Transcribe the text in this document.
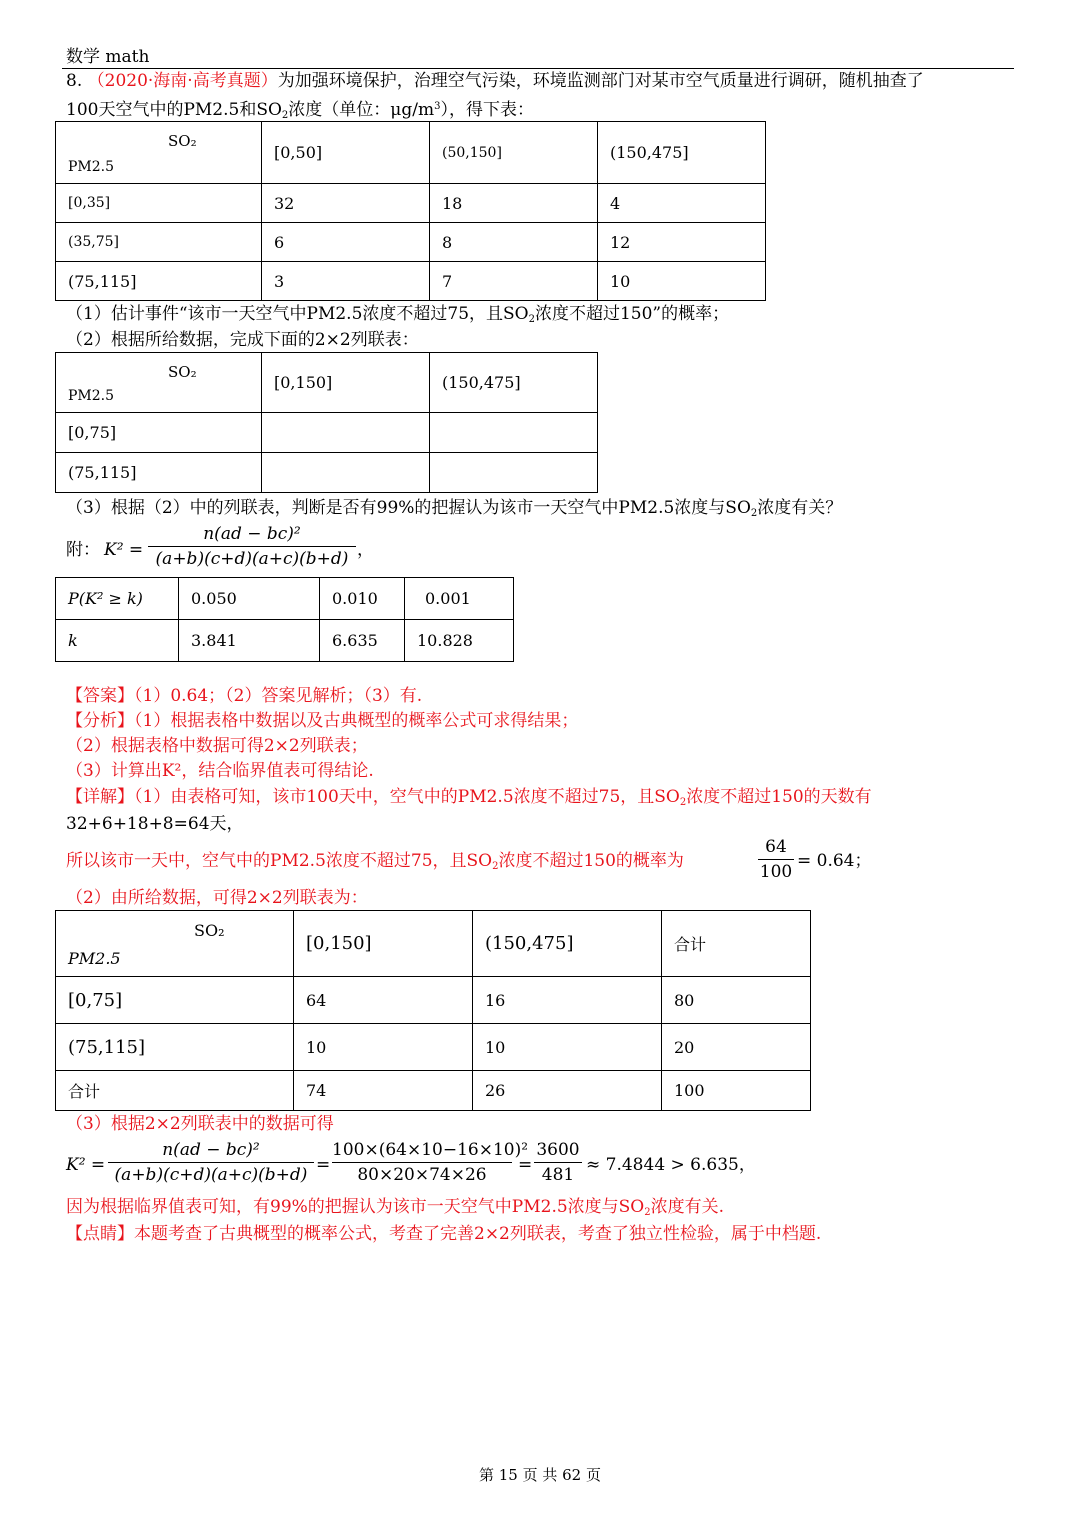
数学 math
8. （2020·海南·高考真题）为加强环境保护，治理空气污染，环境监测部门对某市空气质量进行调研，随机抽查了
100天空气中的PM2.5和$SO_2$浓度（单位：$\mu g/m^3$），得下表：
SO₂
PM2.5	[0,50]	(50,150]	(150,475]
[0,35]	32	18	4
(35,75]	6	8	12
(75,115]	3	7	10
（1）估计事件“该市一天空气中PM2.5浓度不超过75，且$SO_2$浓度不超过150”的概率；
（2）根据所给数据，完成下面的2×2列联表：
SO₂
PM2.5	[0,150]	(150,475]
[0,75]		
(75,115]		
（3）根据（2）中的列联表，判断是否有99%的把握认为该市一天空气中PM2.5浓度与$SO_2$浓度有关？
附： K² =
n(ad − bc)²
(a+b)(c+d)(a+c)(b+d) ，
P(K² ≥ k)	0.050	0.010	0.001
k	3.841	6.635	10.828
【答案】（1）0.64；（2）答案见解析；（3）有.
【分析】（1）根据表格中数据以及古典概型的概率公式可求得结果；
（2）根据表格中数据可得2×2列联表；
（3）计算出K²，结合临界值表可得结论.
【详解】（1）由表格可知，该市100天中，空气中的PM2.5浓度不超过75，且$SO_2$浓度不超过150的天数有
32+6+18+8=64天，
所以该市一天中，空气中的PM2.5浓度不超过75，且$SO_2$浓度不超过150的概率为
64
100
= 0.64；
（2）由所给数据，可得2×2列联表为：
SO₂
PM2.5	[0,150]	(150,475]	合计
[0,75]	64	16	80
(75,115]	10	10	20
合计	74	26	100
（3）根据2×2列联表中的数据可得
K² =
n(ad − bc)²
(a+b)(c+d)(a+c)(b+d) =
100×(64×10−16×10)²
80×20×74×26	=
3600
481 ≈ 7.4844 > 6.635，
因为根据临界值表可知，有99%的把握认为该市一天空气中PM2.5浓度与$SO_2$浓度有关.
【点睛】本题考查了古典概型的概率公式，考查了完善2×2列联表，考查了独立性检验，属于中档题.
第 15 页 共 62 页
